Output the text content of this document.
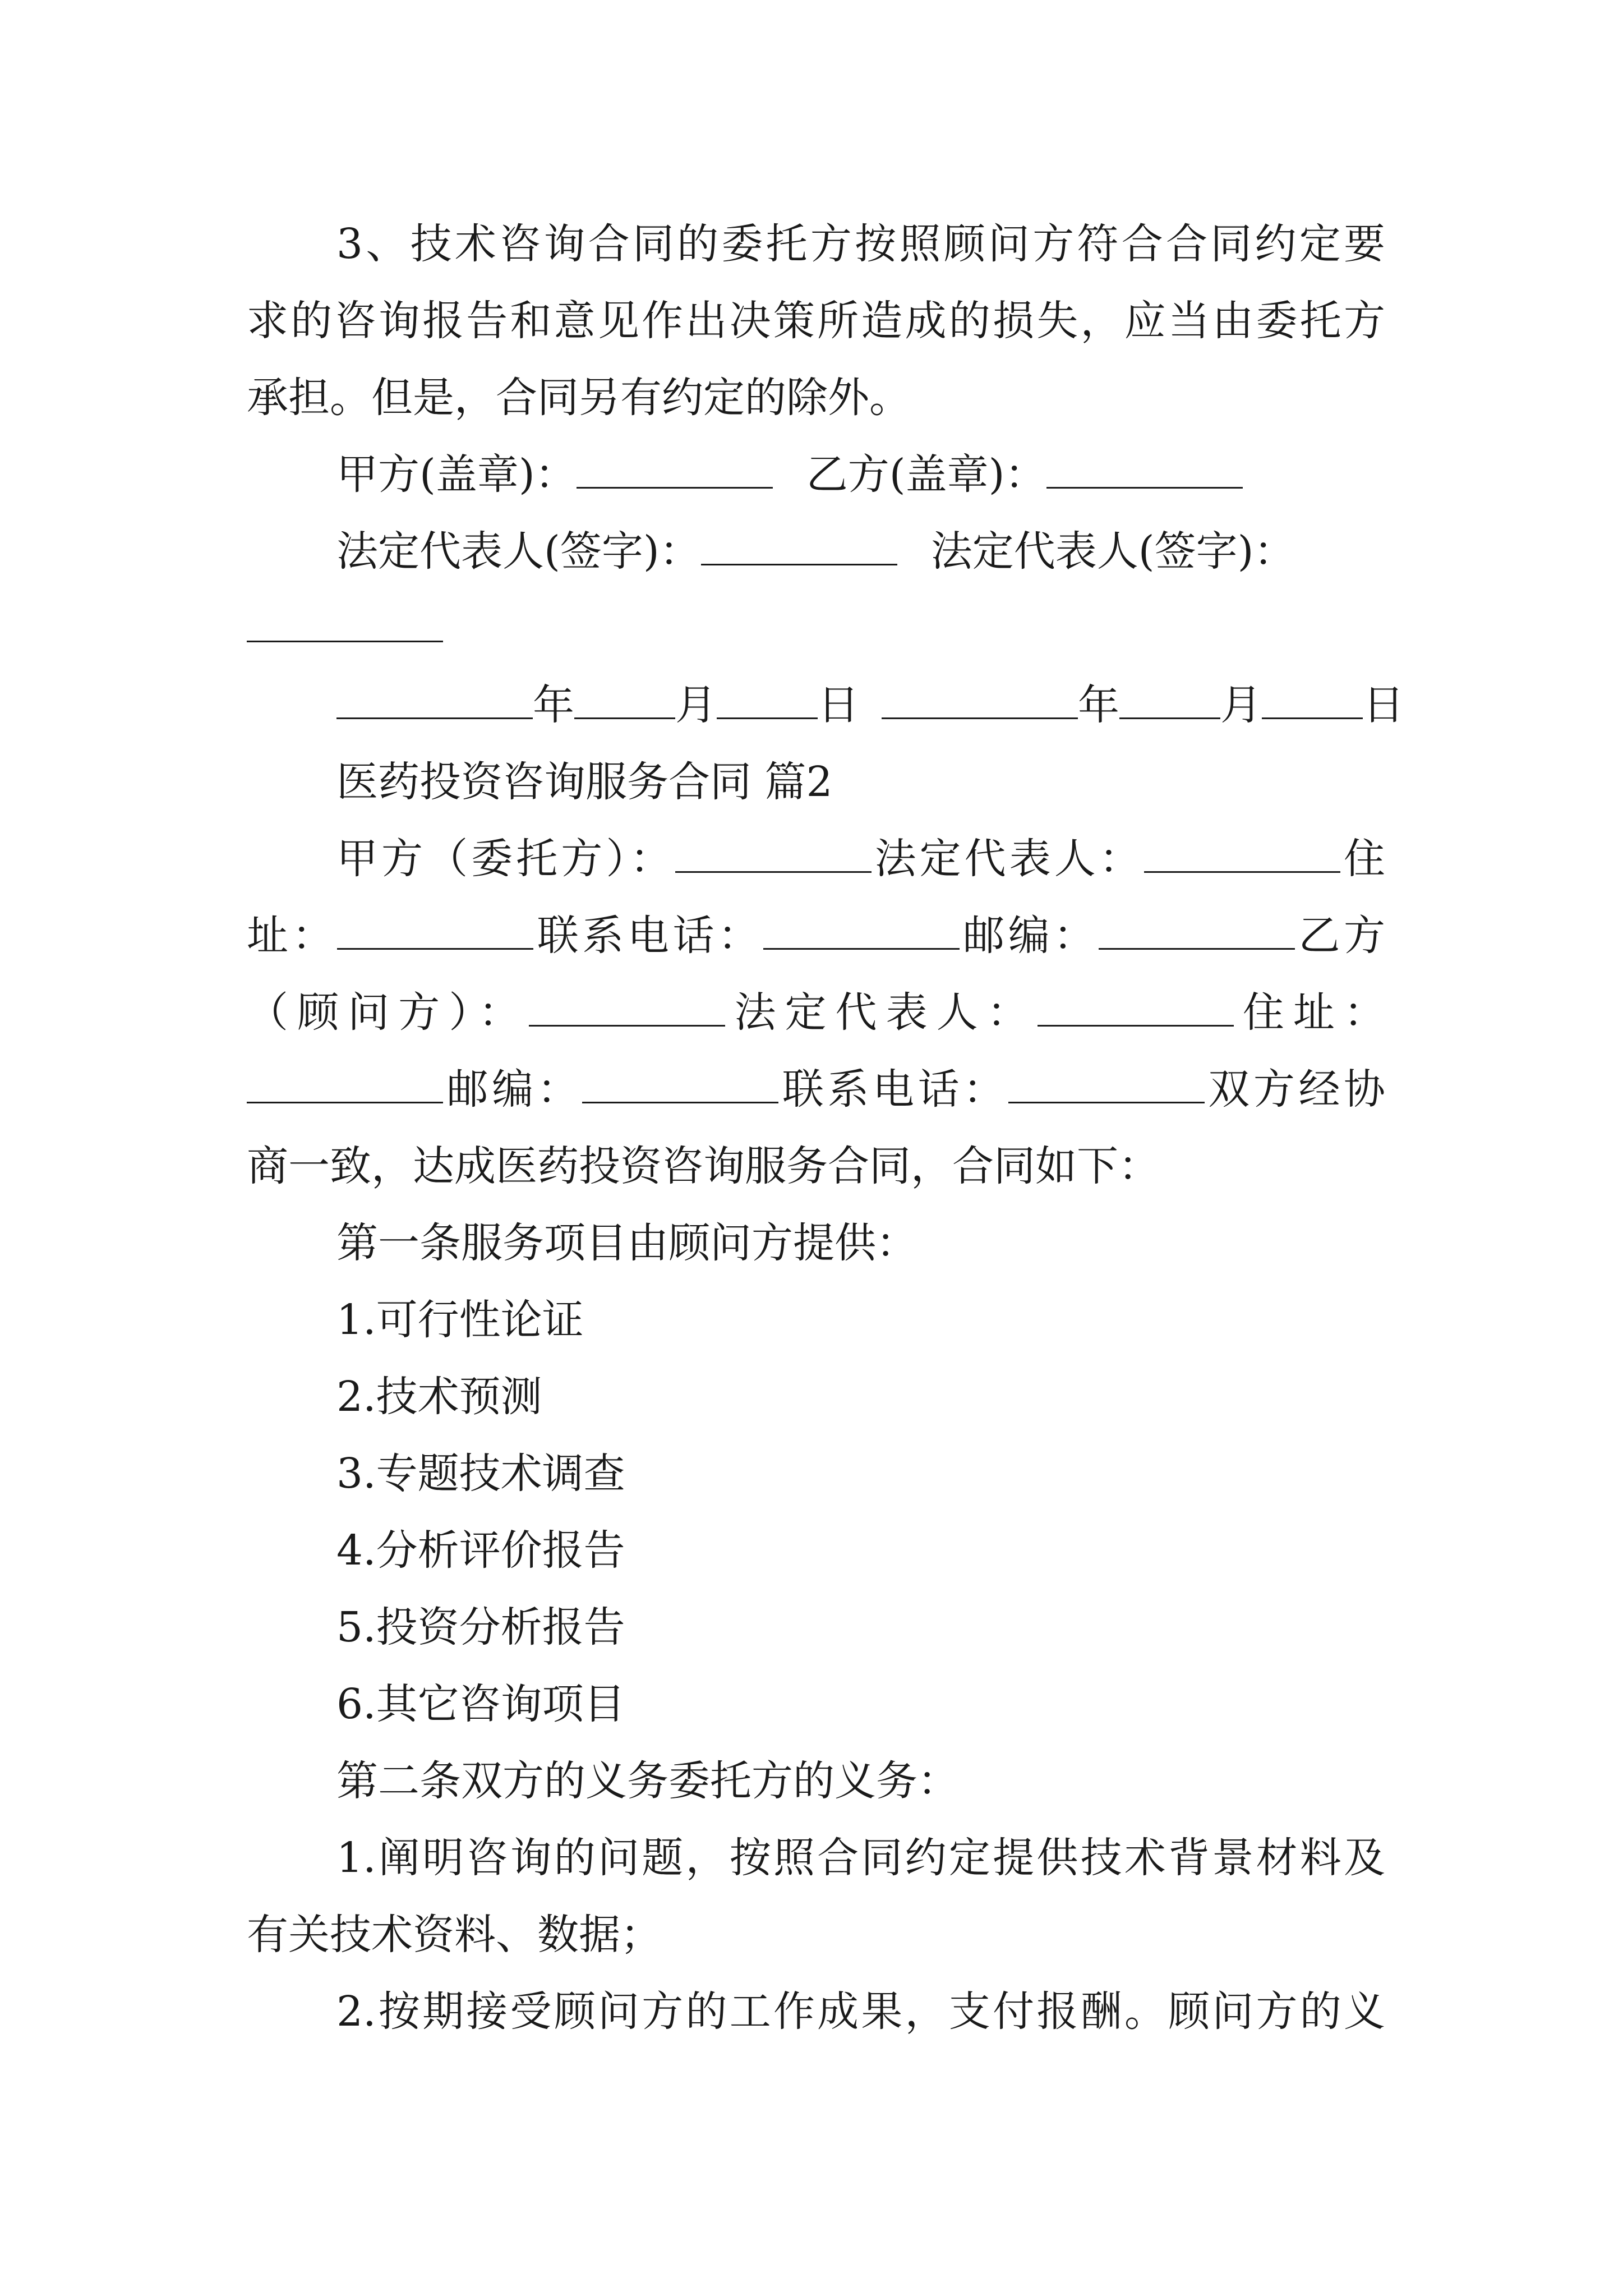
3、技术咨询合同的委托方按照顾问方符合合同约定要
求的咨询报告和意见作出决策所造成的损失，应当由委托方
承担。但是，合同另有约定的除外。
甲方(盖章)：	乙方(盖章)：
法定代表人(签字)：	法定代表人(签字)：
年 月 日	年 月 日
医药投资咨询服务合同 篇2
甲方（委托方）：	法定代表人：	住
址：	联系电话：	邮编：	乙方
（顾问方）：	法定代表人：	住址：
邮编：	联系电话：	双方经协
商一致，达成医药投资咨询服务合同，合同如下：
第一条服务项目由顾问方提供：
1.可行性论证
2.技术预测
3.专题技术调查
4.分析评价报告
5.投资分析报告
6.其它咨询项目
第二条双方的义务委托方的义务：
1.阐明咨询的问题，按照合同约定提供技术背景材料及
有关技术资料、数据；
2.按期接受顾问方的工作成果，支付报酬。顾问方的义
